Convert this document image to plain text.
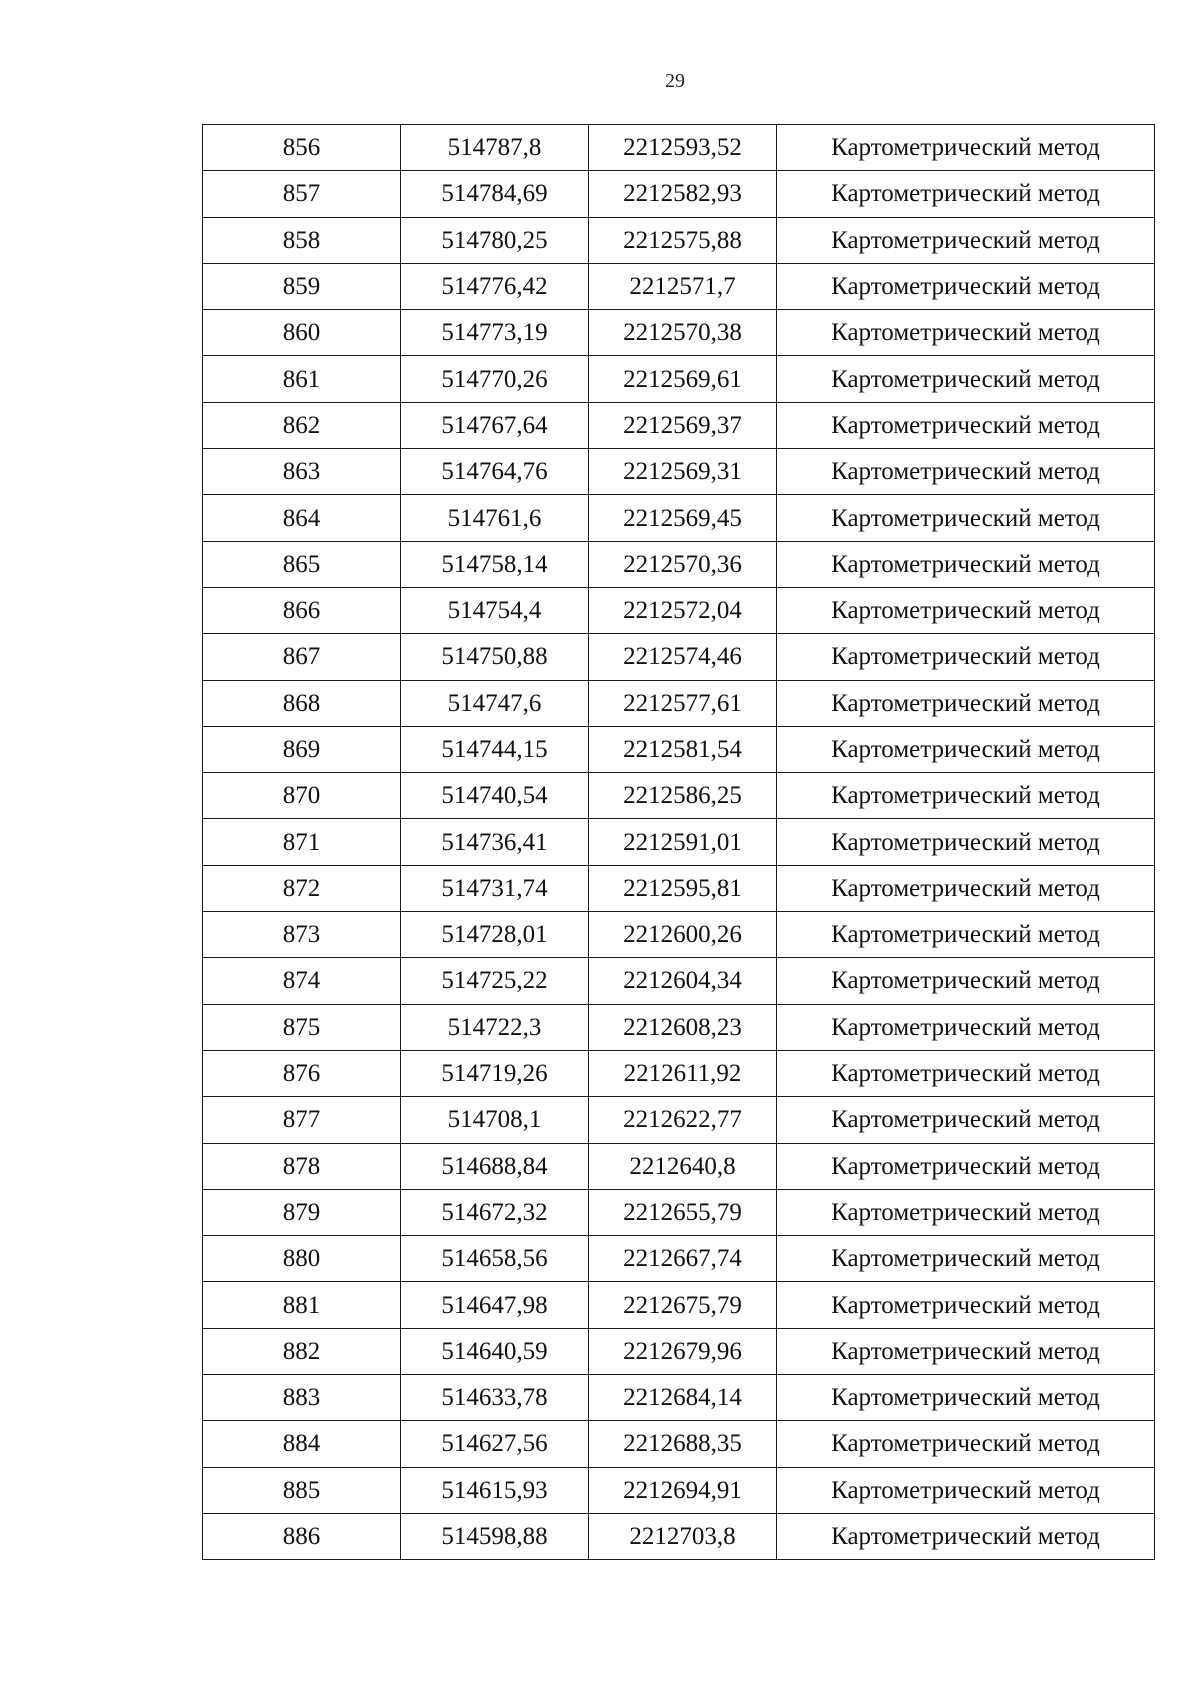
29
856	514787,8	2212593,52	Картометрический метод
857	514784,69	2212582,93	Картометрический метод
858	514780,25	2212575,88	Картометрический метод
859	514776,42	2212571,7	Картометрический метод
860	514773,19	2212570,38	Картометрический метод
861	514770,26	2212569,61	Картометрический метод
862	514767,64	2212569,37	Картометрический метод
863	514764,76	2212569,31	Картометрический метод
864	514761,6	2212569,45	Картометрический метод
865	514758,14	2212570,36	Картометрический метод
866	514754,4	2212572,04	Картометрический метод
867	514750,88	2212574,46	Картометрический метод
868	514747,6	2212577,61	Картометрический метод
869	514744,15	2212581,54	Картометрический метод
870	514740,54	2212586,25	Картометрический метод
871	514736,41	2212591,01	Картометрический метод
872	514731,74	2212595,81	Картометрический метод
873	514728,01	2212600,26	Картометрический метод
874	514725,22	2212604,34	Картометрический метод
875	514722,3	2212608,23	Картометрический метод
876	514719,26	2212611,92	Картометрический метод
877	514708,1	2212622,77	Картометрический метод
878	514688,84	2212640,8	Картометрический метод
879	514672,32	2212655,79	Картометрический метод
880	514658,56	2212667,74	Картометрический метод
881	514647,98	2212675,79	Картометрический метод
882	514640,59	2212679,96	Картометрический метод
883	514633,78	2212684,14	Картометрический метод
884	514627,56	2212688,35	Картометрический метод
885	514615,93	2212694,91	Картометрический метод
886	514598,88	2212703,8	Картометрический метод
